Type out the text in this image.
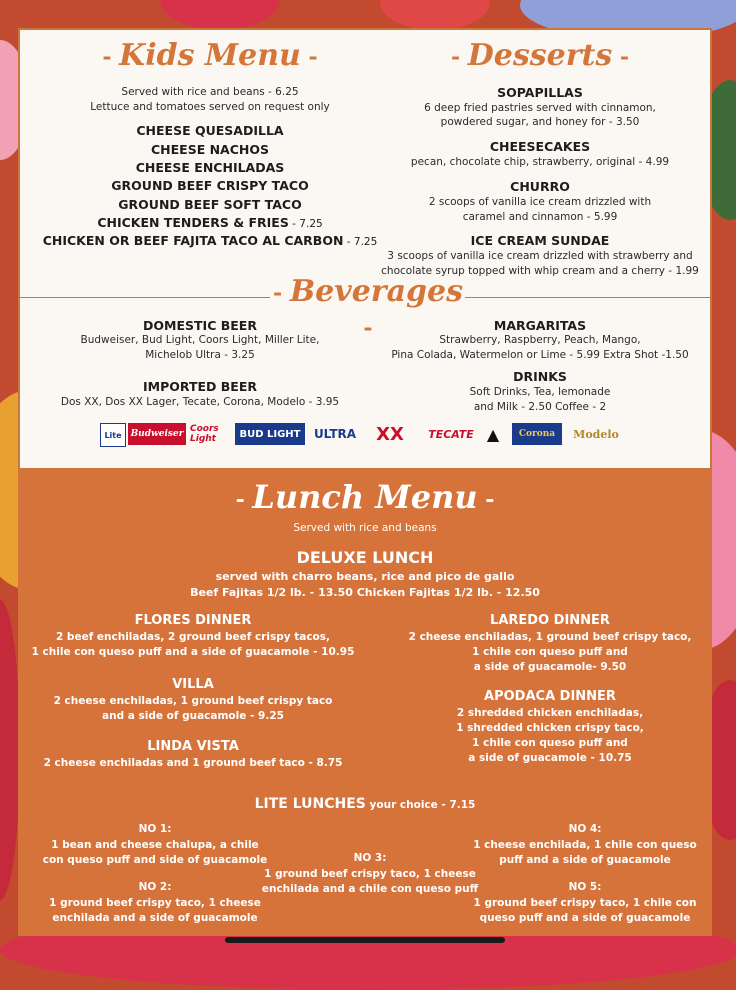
- Kids Menu -
Served with rice and beans - 6.25
Lettuce and tomatoes served on request only
CHEESE QUESADILLA
CHEESE NACHOS
CHEESE ENCHILADAS
GROUND BEEF CRISPY TACO
GROUND BEEF SOFT TACO
CHICKEN TENDERS & FRIES - 7.25
CHICKEN OR BEEF FAJITA TACO AL CARBON - 7.25
- Desserts -
SOPAPILLAS
6 deep fried pastries served with cinnamon,
powdered sugar, and honey for - 3.50
CHEESECAKES
pecan, chocolate chip, strawberry, original - 4.99
CHURRO
2 scoops of vanilla ice cream drizzled with
caramel and cinnamon - 5.99
ICE CREAM SUNDAE
3 scoops of vanilla ice cream drizzled with strawberry and
chocolate syrup topped with whip cream and a cherry - 1.99
- Beverages -
DOMESTIC BEER
Budweiser, Bud Light, Coors Light, Miller Lite,
Michelob Ultra - 3.25
IMPORTED BEER
Dos XX, Dos XX Lager, Tecate, Corona, Modelo - 3.95
MARGARITAS
Strawberry, Raspberry, Peach, Mango,
Pina Colada, Watermelon or Lime - 5.99 Extra Shot -1.50
DRINKS
Soft Drinks, Tea, lemonade
and Milk - 2.50 Coffee - 2
Lite	Budweiser Coors Light	BUD LIGHT	ULTRA	XX	TECATE ▲	Corona	Modelo
- Lunch Menu -
Served with rice and beans
DELUXE LUNCH
served with charro beans, rice and pico de gallo
Beef Fajitas 1/2 lb. - 13.50 Chicken Fajitas 1/2 lb. - 12.50
FLORES DINNER
2 beef enchiladas, 2 ground beef crispy tacos,
1 chile con queso puff and a side of guacamole - 10.95
VILLA
2 cheese enchiladas, 1 ground beef crispy taco
and a side of guacamole - 9.25
LINDA VISTA
2 cheese enchiladas and 1 ground beef taco - 8.75
LAREDO DINNER
2 cheese enchiladas, 1 ground beef crispy taco,
1 chile con queso puff and
a side of guacamole- 9.50
APODACA DINNER
2 shredded chicken enchiladas,
1 shredded chicken crispy taco,
1 chile con queso puff and
a side of guacamole - 10.75
LITE LUNCHES your choice - 7.15
NO 1:
1 bean and cheese chalupa, a chile
con queso puff and side of guacamole
NO 2:
1 ground beef crispy taco, 1 cheese
enchilada and a side of guacamole
NO 3:
1 ground beef crispy taco, 1 cheese
enchilada and a chile con queso puff
NO 4:
1 cheese enchilada, 1 chile con queso
puff and a side of guacamole
NO 5:
1 ground beef crispy taco, 1 chile con
queso puff and a side of guacamole
